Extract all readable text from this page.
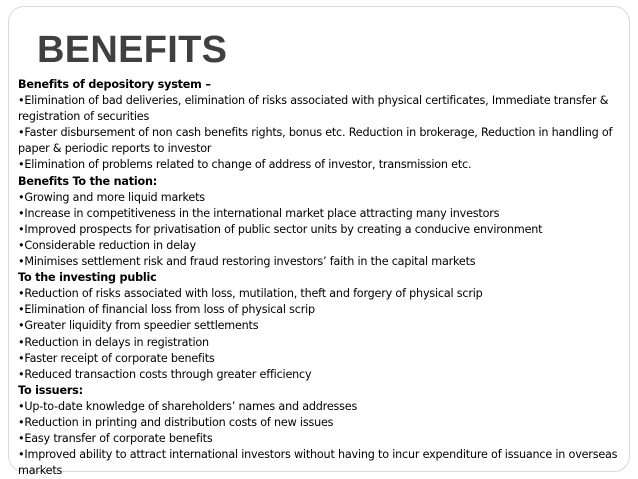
BENEFITS

Benefits of depository system –

•Elimination of bad deliveries, elimination of risks associated with physical certificates, Immediate transfer & registration of securities

•Faster disbursement of non cash benefits rights, bonus etc. Reduction in brokerage, Reduction in handling of paper & periodic reports to investor

•Elimination of problems related to change of address of investor, transmission etc.

Benefits To the nation:

•Growing and more liquid markets

•Increase in competitiveness in the international market place attracting many investors

•Improved prospects for privatisation of public sector units by creating a conducive environment

•Considerable reduction in delay

•Minimises settlement risk and fraud restoring investors’ faith in the capital markets

To the investing public

•Reduction of risks associated with loss, mutilation, theft and forgery of physical scrip

•Elimination of financial loss from loss of physical scrip

•Greater liquidity from speedier settlements

•Reduction in delays in registration

•Faster receipt of corporate benefits

•Reduced transaction costs through greater efficiency

To issuers:

•Up-to-date knowledge of shareholders’ names and addresses

•Reduction in printing and distribution costs of new issues

•Easy transfer of corporate benefits

•Improved ability to attract international investors without having to incur expenditure of issuance in overseas markets
